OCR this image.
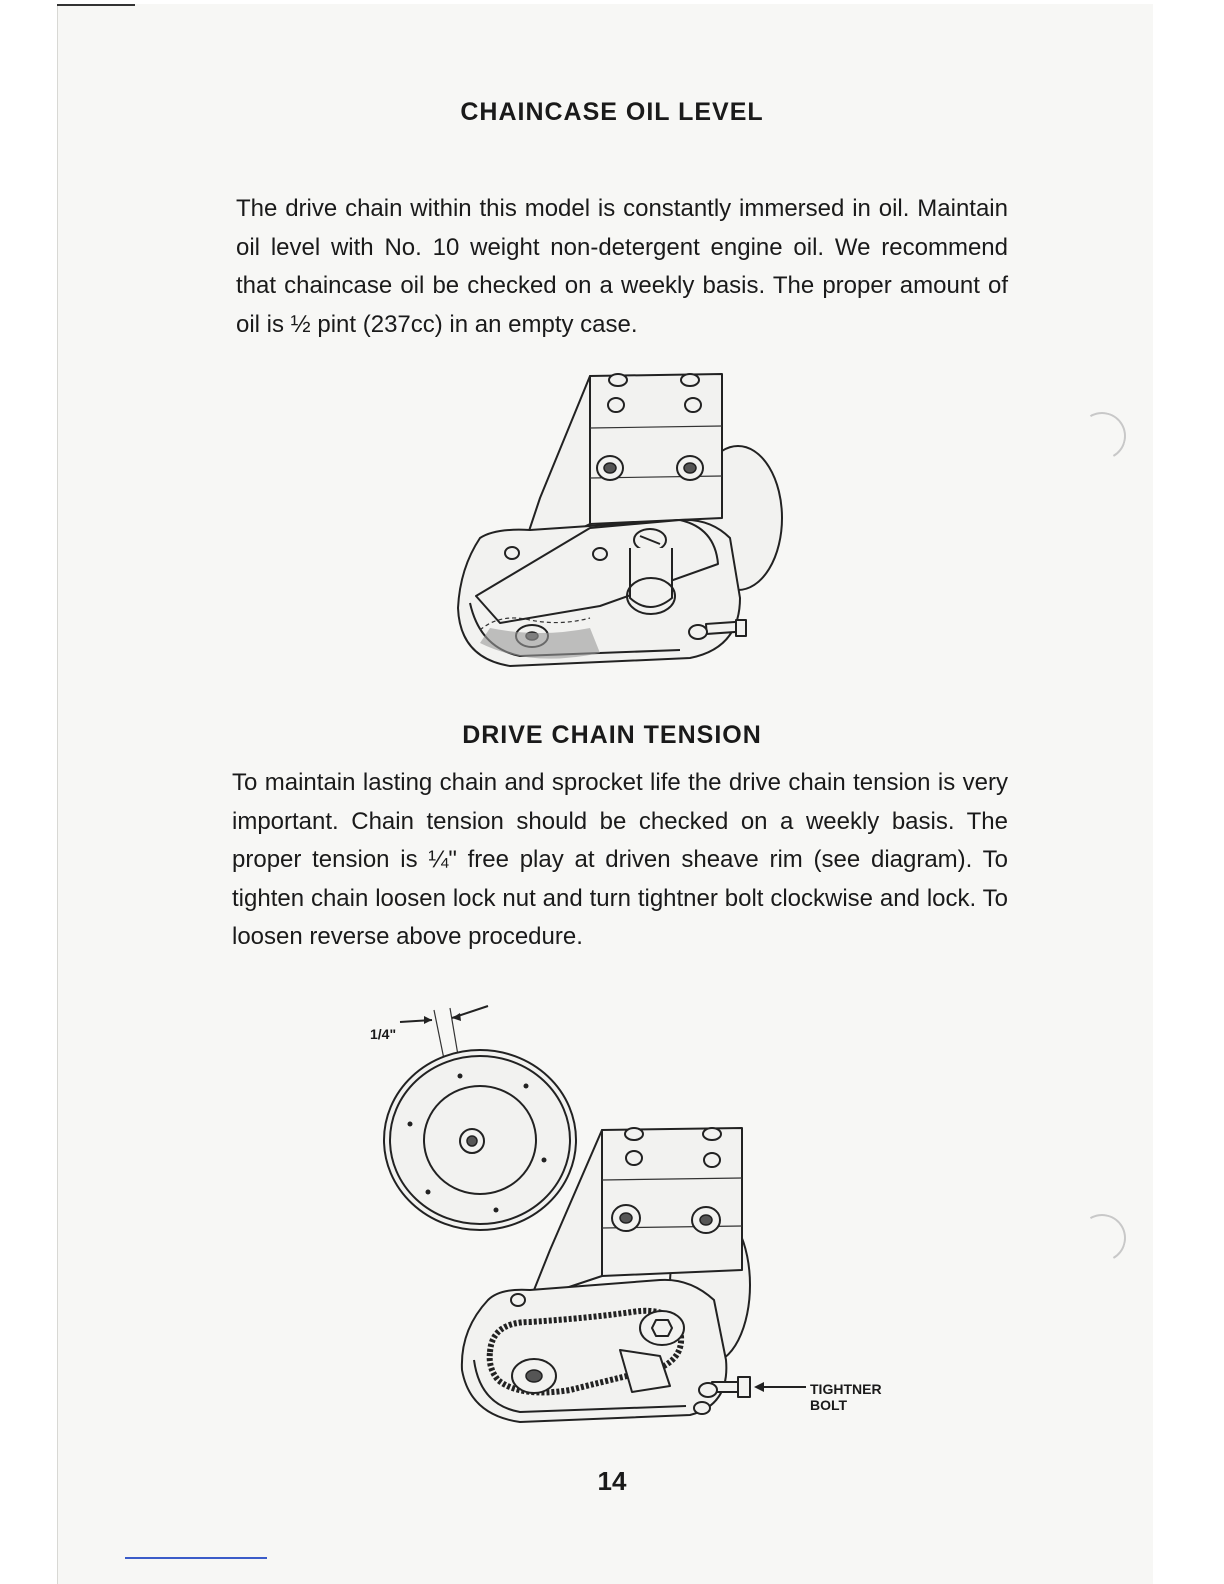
CHAINCASE OIL LEVEL

The drive chain within this model is constantly immersed in oil. Maintain oil level with No. 10 weight non-detergent engine oil. We recommend that chaincase oil be checked on a weekly basis. The proper amount of oil is ½ pint (237cc) in an empty case.

DRIVE CHAIN TENSION

To maintain lasting chain and sprocket life the drive chain tension is very important. Chain tension should be checked on a weekly basis. The proper tension is ¼" free play at driven sheave rim (see diagram). To tighten chain loosen lock nut and turn tightner bolt clockwise and lock. To loosen reverse above procedure.

1/4"
TIGHTNER
BOLT

14
